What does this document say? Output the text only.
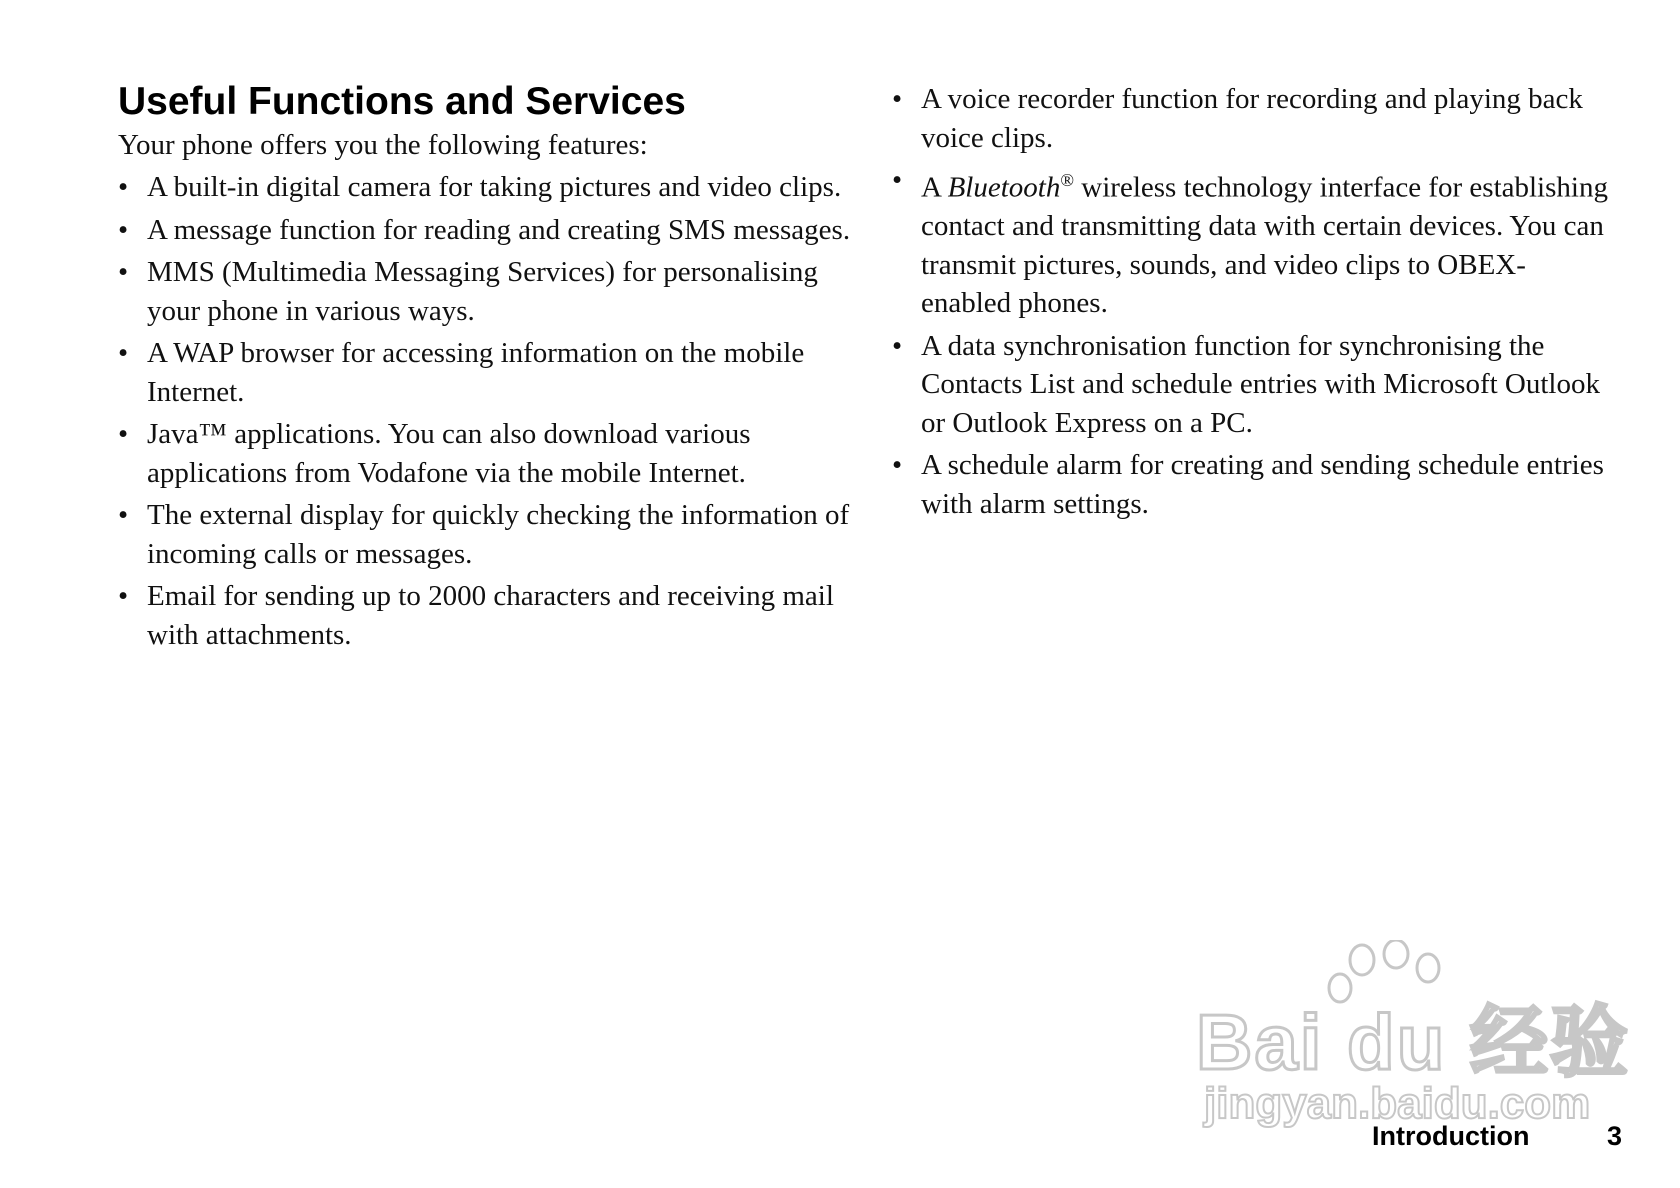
Useful Functions and Services

Your phone offers you the following features:

• A built-in digital camera for taking pictures and video clips.
• A message function for reading and creating SMS messages.
• MMS (Multimedia Messaging Services) for personalising your phone in various ways.
• A WAP browser for accessing information on the mobile Internet.
• Java™ applications. You can also download various applications from Vodafone via the mobile Internet.
• The external display for quickly checking the information of incoming calls or messages.
• Email for sending up to 2000 characters and receiving mail with attachments.
• A voice recorder function for recording and playing back voice clips.
• A Bluetooth® wireless technology interface for establishing contact and transmitting data with certain devices. You can transmit pictures, sounds, and video clips to OBEX-enabled phones.
• A data synchronisation function for synchronising the Contacts List and schedule entries with Microsoft Outlook or Outlook Express on a PC.
• A schedule alarm for creating and sending schedule entries with alarm settings.
Bai du 经验
jingyan.baidu.com
Introduction	3
